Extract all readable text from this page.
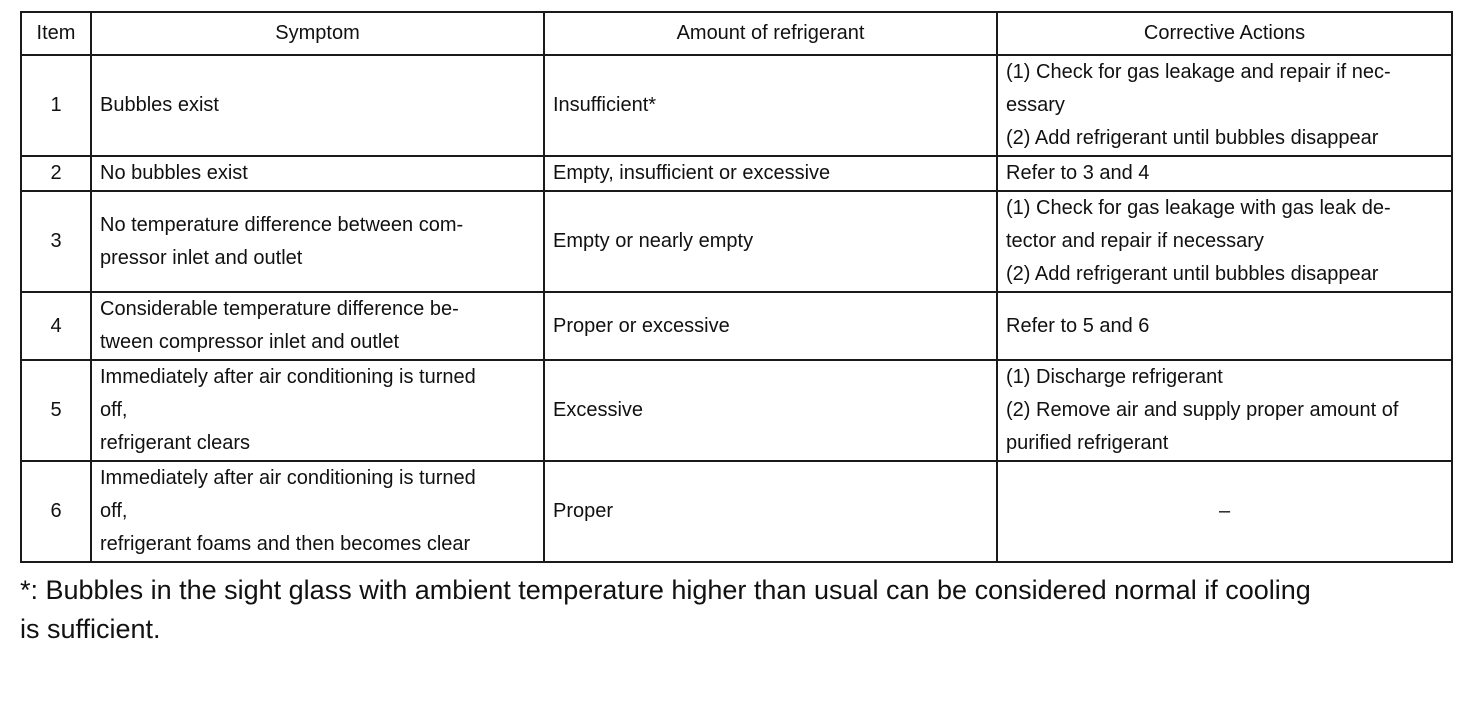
Item	Symptom	Amount of refrigerant	Corrective Actions
1	Bubbles exist	Insufficient*	(1) Check for gas leakage and repair if nec-
essary
(2) Add refrigerant until bubbles disappear

2	No bubbles exist	Empty, insufficient or excessive	Refer to 3 and 4

3	No temperature difference between com-
pressor inlet and outlet	Empty or nearly empty	(1) Check for gas leakage with gas leak de-
tector and repair if necessary
(2) Add refrigerant until bubbles disappear

4	Considerable temperature difference be-
tween compressor inlet and outlet	Proper or excessive	Refer to 5 and 6

5	Immediately after air conditioning is turned
off,
refrigerant clears	Excessive	(1) Discharge refrigerant
(2) Remove air and supply proper amount of
purified refrigerant

6	Immediately after air conditioning is turned
off,
refrigerant foams and then becomes clear	Proper	–
*: Bubbles in the sight glass with ambient temperature higher than usual can be considered normal if cooling
is sufficient.
